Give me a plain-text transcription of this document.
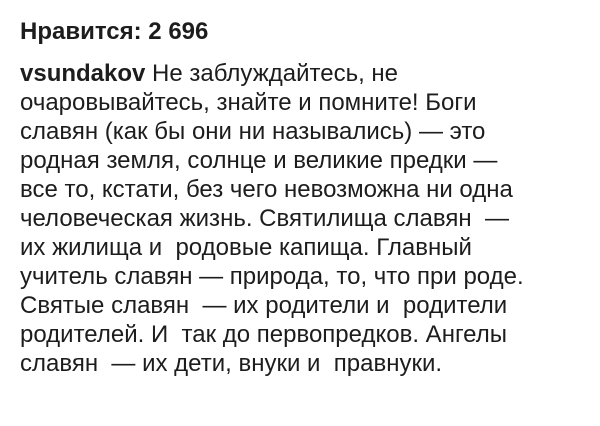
Нравится: 2 696
vsundakov Не заблуждайтесь, не
очаровывайтесь, знайте и помните! Боги
славян (как бы они ни назывались) — это
родная земля, солнце и великие предки —
все то, кстати, без чего невозможна ни одна
человеческая жизнь. Святилища славян  —
их жилища и  родовые капища. Главный
учитель славян — природа, то, что при роде.
Святые славян  — их родители и  родители
родителей. И  так до первопредков. Ангелы
славян  — их дети, внуки и  правнуки.
